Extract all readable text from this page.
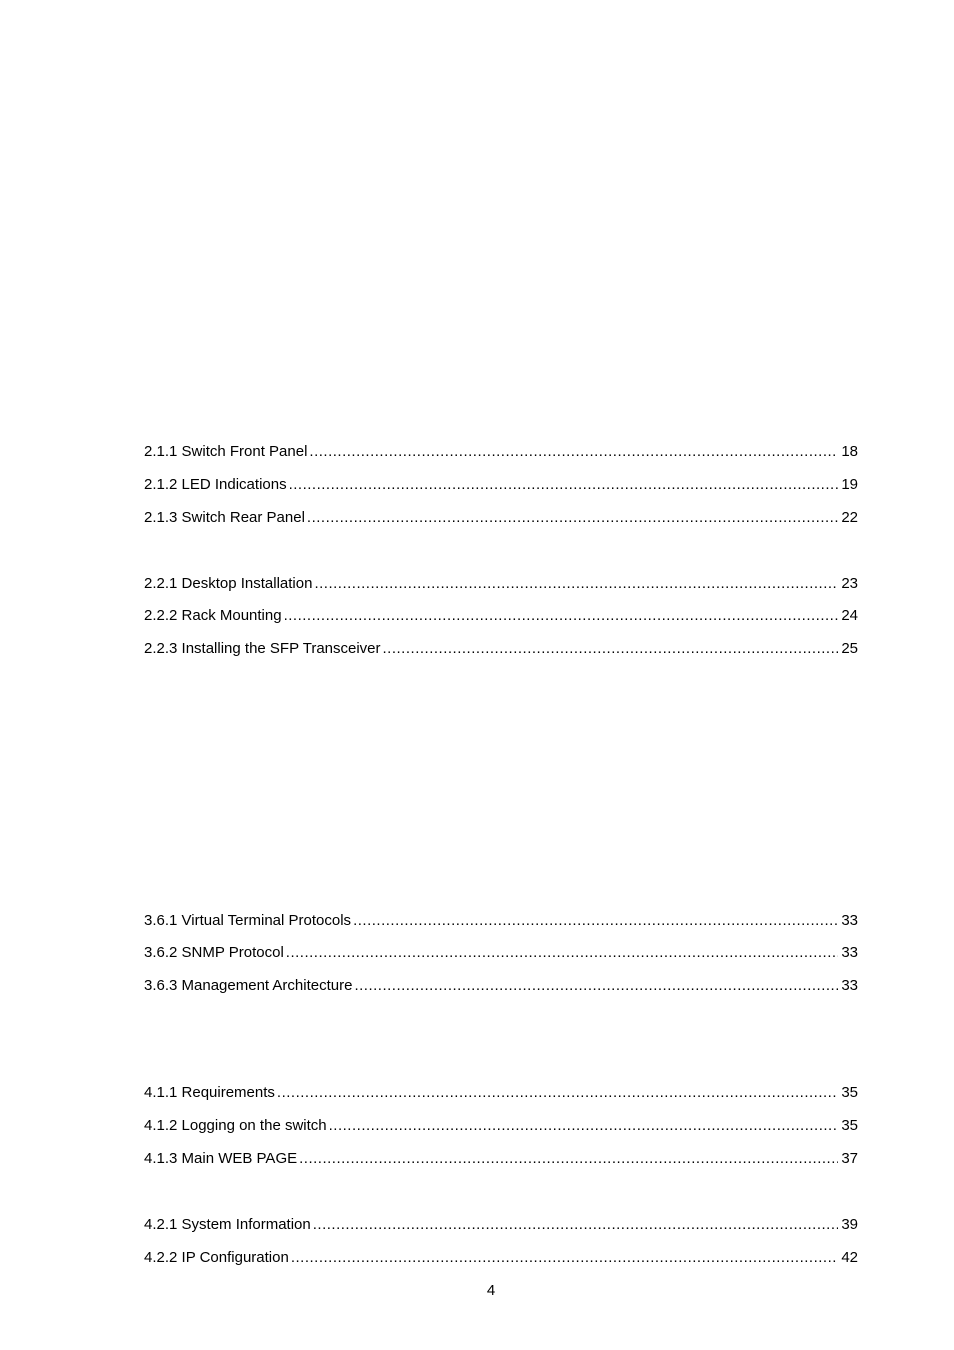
2.1.1 Switch Front Panel .....	18
2.1.2 LED Indications .....	19
2.1.3 Switch Rear Panel .....	22
2.2.1 Desktop Installation .....	23
2.2.2 Rack Mounting .....	24
2.2.3 Installing the SFP Transceiver .....	25
3.6.1 Virtual Terminal Protocols .....	33
3.6.2 SNMP Protocol .....	33
3.6.3 Management Architecture .....	33
4.1.1 Requirements .....	35
4.1.2 Logging on the switch .....	35
4.1.3 Main WEB PAGE .....	37
4.2.1 System Information .....	39
4.2.2 IP Configuration .....	42
4
